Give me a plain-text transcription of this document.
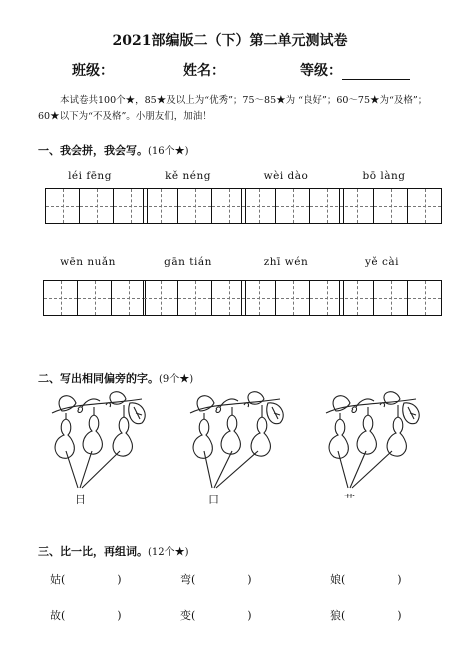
2021部编版二（下）第二单元测试卷
班级：	姓名：	等级：
本试卷共100个★，85★及以上为“优秀”；75～85★为 “良好”；60～75★为“及格”；60★以下为“不及格”。小朋友们，加油！
一、我会拼，我会写。(16个★)
léi fēng	kě néng	wèi dào	bō làng
wēn nuǎn	gān tián	zhī wén	yě cài
二、写出相同偏旁的字。(9个★)
日	口	艹
三、比一比，再组词。(12个★)
姑(	)	弯(	)	娘(	)
故(	)	变(	)	狼(	)
